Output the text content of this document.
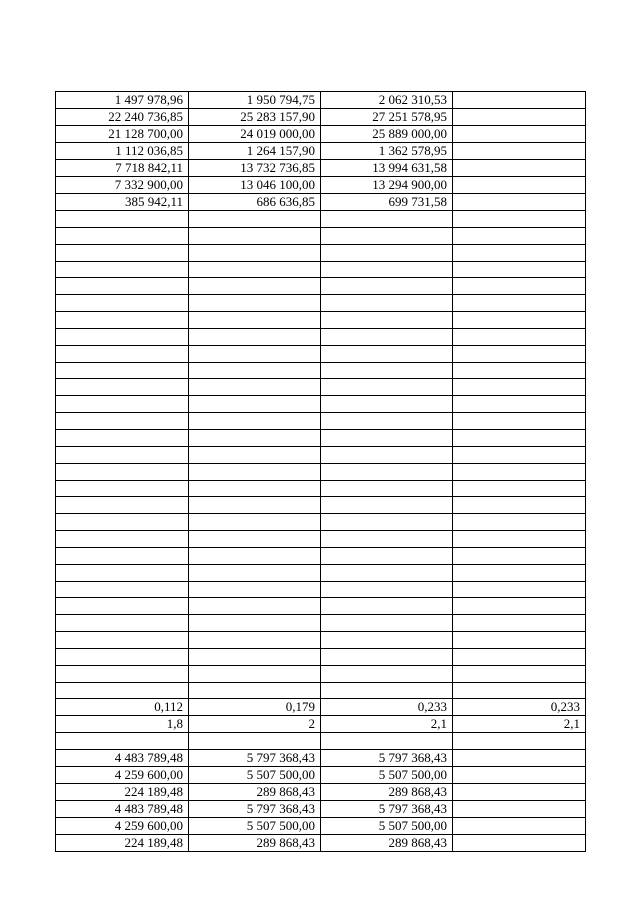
1 497 978,96	1 950 794,75	2 062 310,53	
22 240 736,85	25 283 157,90	27 251 578,95	
21 128 700,00	24 019 000,00	25 889 000,00	
1 112 036,85	1 264 157,90	1 362 578,95	
7 718 842,11	13 732 736,85	13 994 631,58	
7 332 900,00	13 046 100,00	13 294 900,00	
385 942,11	686 636,85	699 731,58	

0,112	0,179	0,233	0,233
1,8	2	2,1	2,1

4 483 789,48	5 797 368,43	5 797 368,43	
4 259 600,00	5 507 500,00	5 507 500,00	
224 189,48	289 868,43	289 868,43	
4 483 789,48	5 797 368,43	5 797 368,43	
4 259 600,00	5 507 500,00	5 507 500,00	
224 189,48	289 868,43	289 868,43	
